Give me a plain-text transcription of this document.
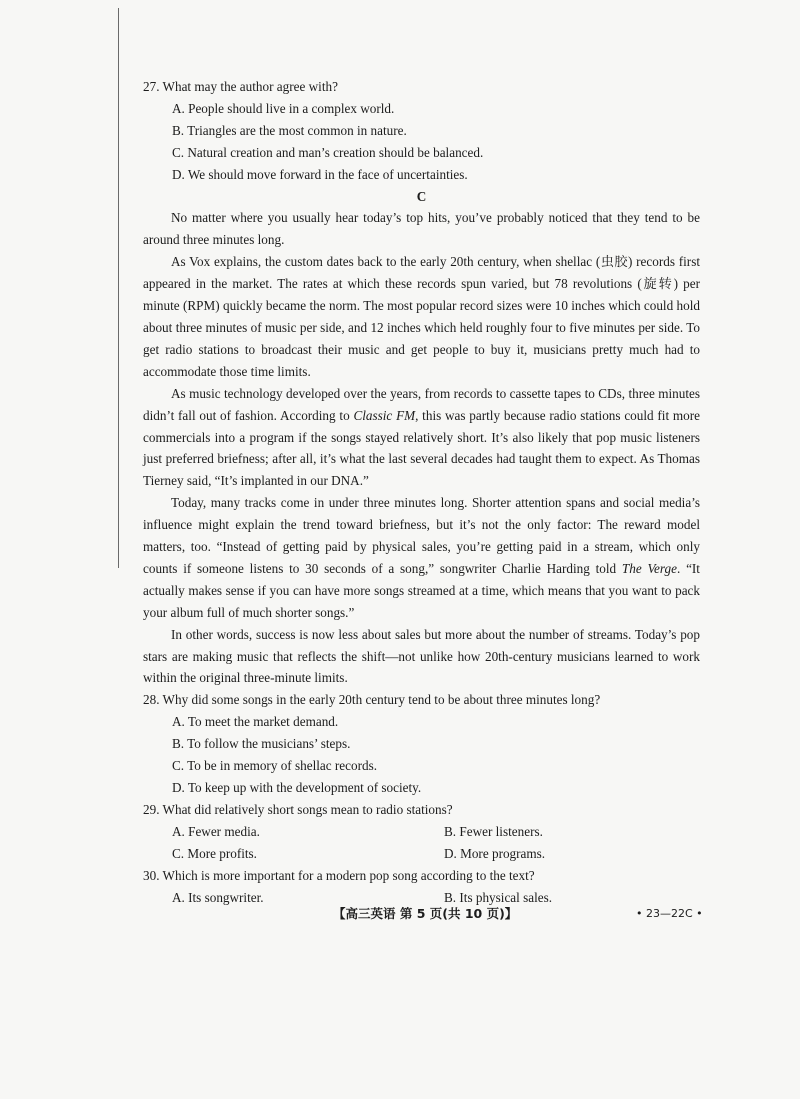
27. What may the author agree with?

A. People should live in a complex world.

B. Triangles are the most common in nature.

C. Natural creation and man’s creation should be balanced.

D. We should move forward in the face of uncertainties.

C

No matter where you usually hear today’s top hits, you’ve probably noticed that they tend to be around three minutes long.

As Vox explains, the custom dates back to the early 20th century, when shellac (虫胶) records first appeared in the market. The rates at which these records spun varied, but 78 revolutions (旋转) per minute (RPM) quickly became the norm. The most popular record sizes were 10 inches which could hold about three minutes of music per side, and 12 inches which held roughly four to five minutes per side. To get radio stations to broadcast their music and get people to buy it, musicians pretty much had to accommodate those time limits.

As music technology developed over the years, from records to cassette tapes to CDs, three minutes didn’t fall out of fashion. According to Classic FM, this was partly because radio stations could fit more commercials into a program if the songs stayed relatively short. It’s also likely that pop music listeners just preferred briefness; after all, it’s what the last several decades had taught them to expect. As Thomas Tierney said, “It’s implanted in our DNA.”

Today, many tracks come in under three minutes long. Shorter attention spans and social media’s influence might explain the trend toward briefness, but it’s not the only factor: The reward model matters, too. “Instead of getting paid by physical sales, you’re getting paid in a stream, which only counts if someone listens to 30 seconds of a song,” songwriter Charlie Harding told The Verge. “It actually makes sense if you can have more songs streamed at a time, which means that you want to pack your album full of much shorter songs.”

In other words, success is now less about sales but more about the number of streams. Today’s pop stars are making music that reflects the shift—not unlike how 20th-century musicians learned to work within the original three-minute limits.

28. Why did some songs in the early 20th century tend to be about three minutes long?

A. To meet the market demand.

B. To follow the musicians’ steps.

C. To be in memory of shellac records.

D. To keep up with the development of society.

29. What did relatively short songs mean to radio stations?

A. Fewer media.	B. Fewer listeners.
C. More profits.	D. More programs.

30. Which is more important for a modern pop song according to the text?

A. Its songwriter.	B. Its physical sales.
【高三英语 第 5 页(共 10 页)】	• 23—22C •
